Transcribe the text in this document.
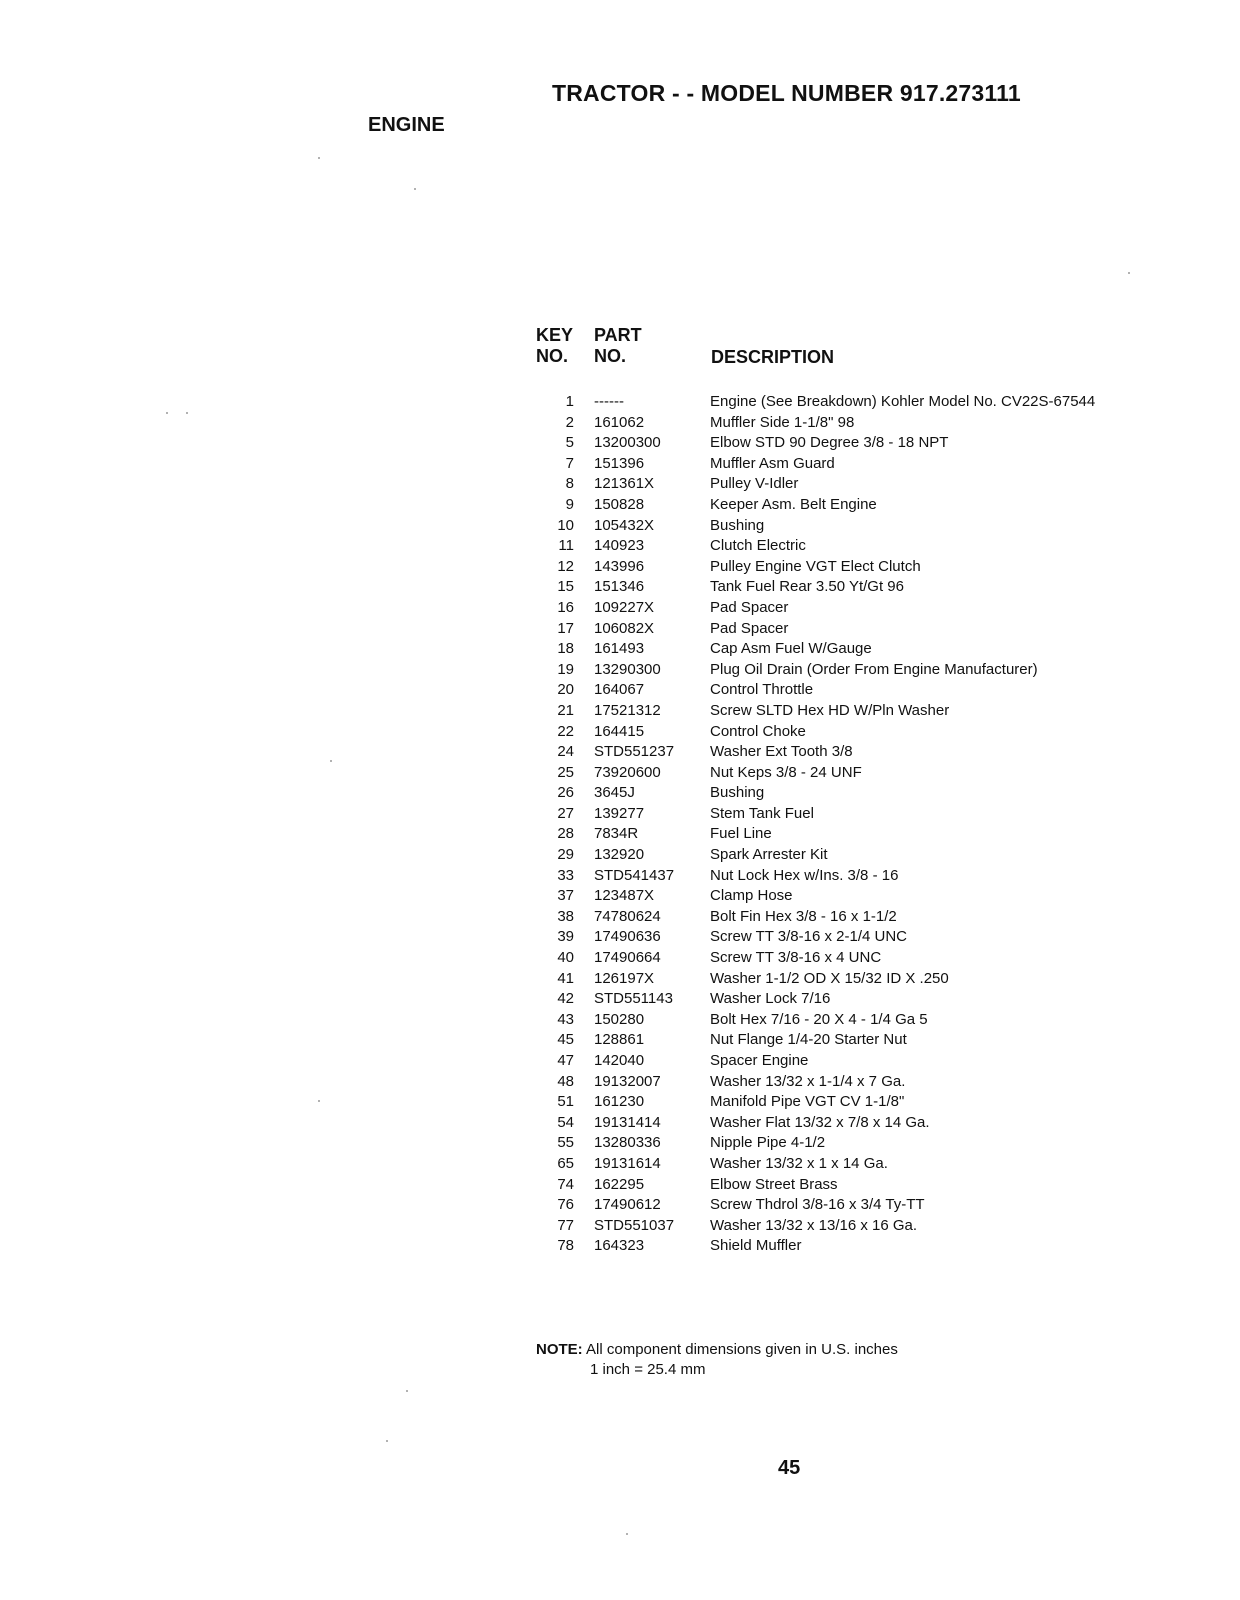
TRACTOR - - MODEL NUMBER 917.273111
ENGINE
KEY
NO.
PART
NO.	DESCRIPTION
1 ------	Engine (See Breakdown) Kohler Model No. CV22S-67544
2 161062	Muffler Side 1-1/8" 98
5 13200300	Elbow STD 90 Degree 3/8 - 18 NPT
7 151396	Muffler Asm Guard
8 121361X	Pulley V-Idler
9 150828	Keeper Asm. Belt Engine
10 105432X	Bushing
11 140923	Clutch Electric
12 143996	Pulley Engine VGT Elect Clutch
15 151346	Tank Fuel Rear 3.50 Yt/Gt 96
16 109227X	Pad Spacer
17 106082X	Pad Spacer
18 161493	Cap Asm Fuel W/Gauge
19 13290300	Plug Oil Drain (Order From Engine Manufacturer)
20 164067	Control Throttle
21 17521312	Screw SLTD Hex HD W/Pln Washer
22 164415	Control Choke
24 STD551237 Washer Ext Tooth 3/8
25 73920600	Nut Keps 3/8 - 24 UNF
26 3645J	Bushing
27 139277	Stem Tank Fuel
28 7834R	Fuel Line
29 132920	Spark Arrester Kit
33 STD541437 Nut Lock Hex w/Ins. 3/8 - 16
37 123487X	Clamp Hose
38 74780624	Bolt Fin Hex 3/8 - 16 x 1-1/2
39 17490636	Screw TT 3/8-16 x 2-1/4 UNC
40 17490664	Screw TT 3/8-16 x 4 UNC
41 126197X	Washer 1-1/2 OD X 15/32 ID X .250
42 STD551143 Washer Lock 7/16
43 150280	Bolt Hex 7/16 - 20 X 4 - 1/4 Ga 5
45 128861	Nut Flange 1/4-20 Starter Nut
47 142040	Spacer Engine
48 19132007	Washer 13/32 x 1-1/4 x 7 Ga.
51 161230	Manifold Pipe VGT CV 1-1/8"
54 19131414	Washer Flat 13/32 x 7/8 x 14 Ga.
55 13280336	Nipple Pipe 4-1/2
65 19131614	Washer 13/32 x 1 x 14 Ga.
74 162295	Elbow Street Brass
76 17490612	Screw Thdrol 3/8-16 x 3/4 Ty-TT
77 STD551037 Washer 13/32 x 13/16 x 16 Ga.
78 164323	Shield Muffler
NOTE: All component dimensions given in U.S. inches
1 inch = 25.4 mm
45
